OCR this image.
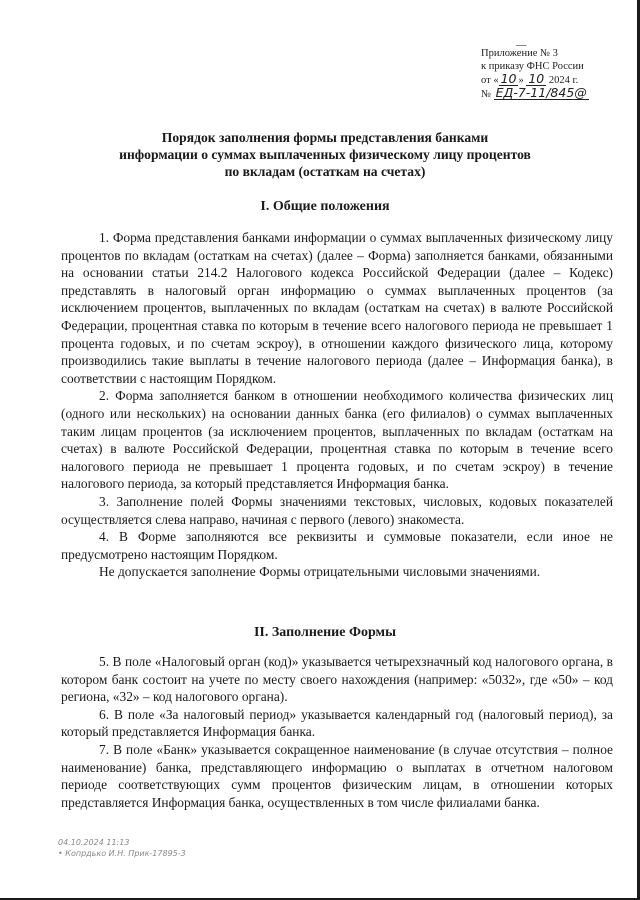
—
Приложение № 3
к приказу ФНС России
от « 10 » 10 2024 г.
№ ЕД-7-11/845@
Порядок заполнения формы представления банками
информации о суммах выплаченных физическому лицу процентов
по вкладам (остаткам на счетах)
I. Общие положения

1. Форма представления банками информации о суммах выплаченных физическому лицу процентов по вкладам (остаткам на счетах) (далее – Форма) заполняется банками, обязанными на основании статьи 214.2 Налогового кодекса Российской Федерации (далее – Кодекс) представлять в налоговый орган информацию о суммах выплаченных процентов (за исключением процентов, выплаченных по вкладам (остаткам на счетах) в валюте Российской Федерации, процентная ставка по которым в течение всего налогового периода не превышает 1 процента годовых, и по счетам эскроу), в отношении каждого физического лица, которому производились такие выплаты в течение налогового периода (далее – Информация банка), в соответствии с настоящим Порядком.

2. Форма заполняется банком в отношении необходимого количества физических лиц (одного или нескольких) на основании данных банка (его филиалов) о суммах выплаченных таким лицам процентов (за исключением процентов, выплаченных по вкладам (остаткам на счетах) в валюте Российской Федерации, процентная ставка по которым в течение всего налогового периода не превышает 1 процента годовых, и по счетам эскроу) в течение налогового периода, за который представляется Информация банка.

3. Заполнение полей Формы значениями текстовых, числовых, кодовых показателей осуществляется слева направо, начиная с первого (левого) знакоместа.

4. В Форме заполняются все реквизиты и суммовые показатели, если иное не предусмотрено настоящим Порядком.

Не допускается заполнение Формы отрицательными числовыми значениями.

II. Заполнение Формы

5. В поле «Налоговый орган (код)» указывается четырехзначный код налогового органа, в котором банк состоит на учете по месту своего нахождения (например: «5032», где «50» – код региона, «32» – код налогового органа).

6. В поле «За налоговый период» указывается календарный год (налоговый период), за который представляется Информация банка.

7. В поле «Банк» указывается сокращенное наименование (в случае отсутствия – полное наименование) банка, представляющего информацию о выплатах в отчетном налоговом периоде соответствующих сумм процентов физическим лицам, в отношении которых представляется Информация банка, осуществленных в том числе филиалами банка.

04.10.2024 11:13
• Копрдько И.Н. Прик-17895-3
